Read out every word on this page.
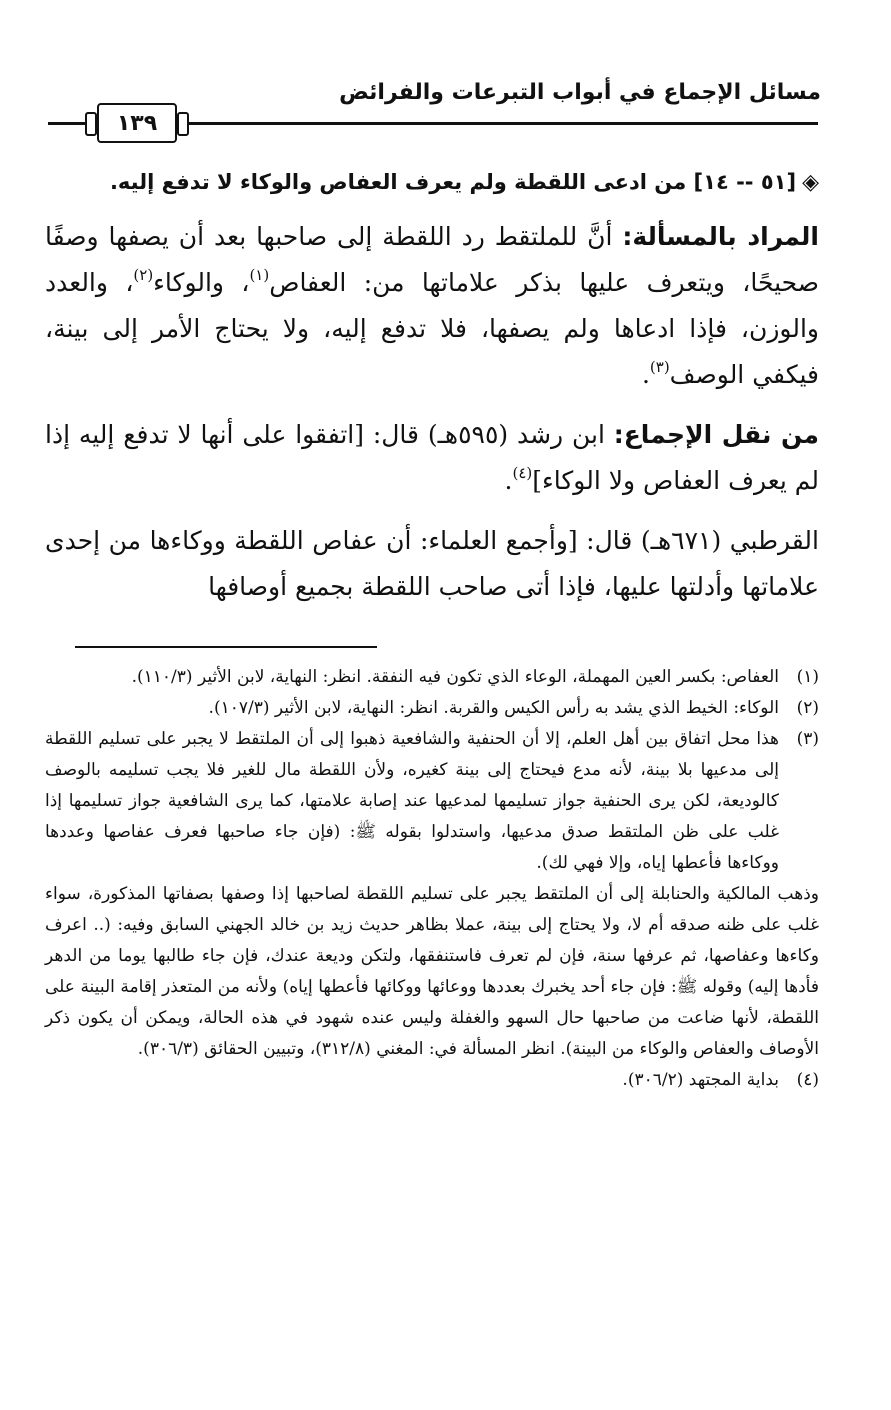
مسائل الإجماع في أبواب التبرعات والفرائض
١٣٩
◈[٥١ -- ١٤] من ادعى اللقطة ولم يعرف العفاص والوكاء لا تدفع إليه.

المراد بالمسألة: أنَّ للملتقط رد اللقطة إلى صاحبها بعد أن يصفها وصفًا صحيحًا، ويتعرف عليها بذكر علاماتها من: العفاص$^{(١)}$، والوكاء$^{(٢)}$، والعدد والوزن، فإذا ادعاها ولم يصفها، فلا تدفع إليه، ولا يحتاج الأمر إلى بينة، فيكفي الوصف$^{(٣)}$.

من نقل الإجماع: ابن رشد (٥٩٥هـ) قال: [اتفقوا على أنها لا تدفع إليه إذا لم يعرف العفاص ولا الوكاء]$^{(٤)}$.

القرطبي (٦٧١هـ) قال: [وأجمع العلماء: أن عفاص اللقطة ووكاءها من إحدى علاماتها وأدلتها عليها، فإذا أتى صاحب اللقطة بجميع أوصافها

(١)
العفاص: بكسر العين المهملة، الوعاء الذي تكون فيه النفقة. انظر: النهاية، لابن الأثير (١١٠/٣).
(٢)
الوكاء: الخيط الذي يشد به رأس الكيس والقربة. انظر: النهاية، لابن الأثير (١٠٧/٣).
(٣)
هذا محل اتفاق بين أهل العلم، إلا أن الحنفية والشافعية ذهبوا إلى أن الملتقط لا يجبر على تسليم اللقطة إلى مدعيها بلا بينة، لأنه مدع فيحتاج إلى بينة كغيره، ولأن اللقطة مال للغير فلا يجب تسليمه بالوصف كالوديعة، لكن يرى الحنفية جواز تسليمها لمدعيها عند إصابة علامتها، كما يرى الشافعية جواز تسليمها إذا غلب على ظن الملتقط صدق مدعيها، واستدلوا بقوله ﷺ: (فإن جاء صاحبها فعرف عفاصها وعددها ووكاءها فأعطها إياه، وإلا فهي لك).

وذهب المالكية والحنابلة إلى أن الملتقط يجبر على تسليم اللقطة لصاحبها إذا وصفها بصفاتها المذكورة، سواء غلب على ظنه صدقه أم لا، ولا يحتاج إلى بينة، عملا بظاهر حديث زيد بن خالد الجهني السابق وفيه: (.. اعرف وكاءها وعفاصها، ثم عرفها سنة، فإن لم تعرف فاستنفقها، ولتكن وديعة عندك، فإن جاء طالبها يوما من الدهر فأدها إليه) وقوله ﷺ: فإن جاء أحد يخبرك بعددها ووعائها ووكائها فأعطها إياه) ولأنه من المتعذر إقامة البينة على اللقطة، لأنها ضاعت من صاحبها حال السهو والغفلة وليس عنده شهود في هذه الحالة، ويمكن أن يكون ذكر الأوصاف والعفاص والوكاء من البينة). انظر المسألة في: المغني (٣١٢/٨)، وتبيين الحقائق (٣٠٦/٣).

(٤)
بداية المجتهد (٣٠٦/٢).
